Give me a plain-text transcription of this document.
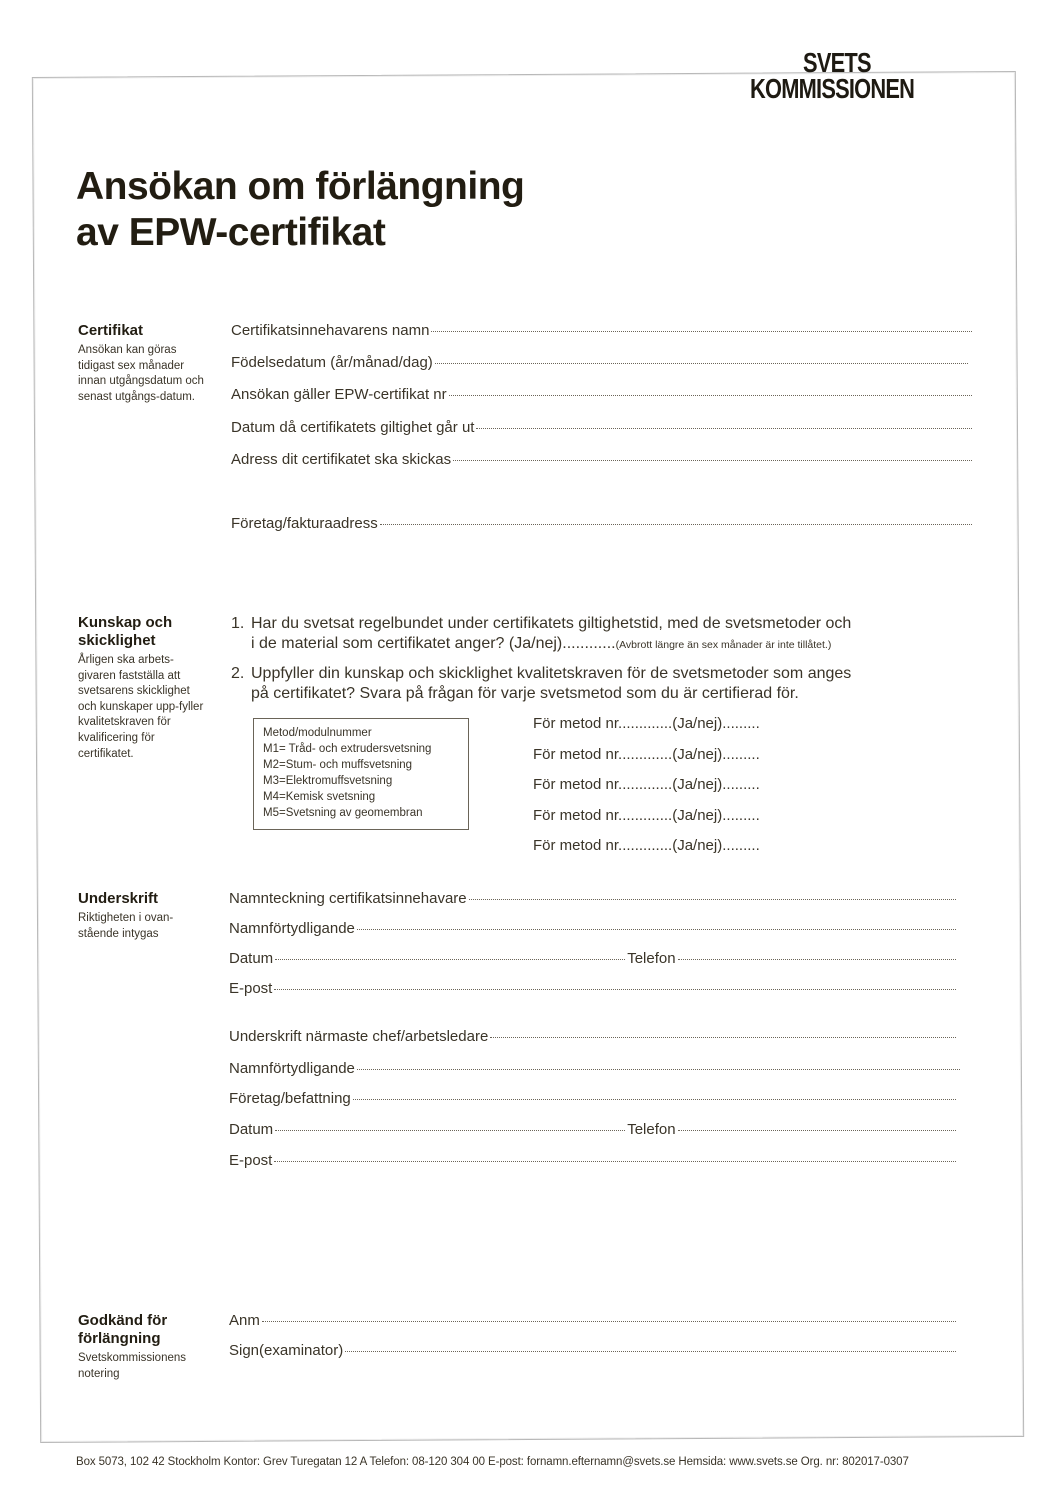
SVETS
KOMMISSIONEN
Ansökan om förlängning
av EPW-certifikat
Certifikat
Ansökan kan göras tidigast sex månader innan utgångsdatum och senast utgångs-datum.
Certifikatsinnehavarens namn
Födelsedatum (år/månad/dag)
Ansökan gäller EPW-certifikat nr
Datum då certifikatets giltighet går ut
Adress dit certifikatet ska skickas

Företag/fakturaadress

Kunskap och skicklighet
Årligen ska arbets-givaren fastställa att svetsarens skicklighet och kunskaper upp-fyller kvalitetskraven för kvalificering för certifikatet.
1. Har du svetsat regelbundet under certifikatets giltighetstid, med de svetsmetoder och
i de material som certifikatet anger? (Ja/nej)............(Avbrott längre än sex månader är inte tillåtet.)
2. Uppfyller din kunskap och skicklighet kvalitetskraven för de svetsmetoder som anges
på certifikatet? Svara på frågan för varje svetsmetod som du är certifierad för.
Metod/modulnummer
M1= Tråd- och extrudersvetsning
M2=Stum- och muffsvetsning
M3=Elektromuffsvetsning
M4=Kemisk svetsning
M5=Svetsning av geomembran
För metod nr.............(Ja/nej).........
För metod nr.............(Ja/nej).........
För metod nr.............(Ja/nej).........
För metod nr.............(Ja/nej).........
För metod nr.............(Ja/nej).........
Underskrift
Riktigheten i ovan-stående intygas
Namnteckning certifikatsinnehavare
Namnförtydligande
Datum	Telefon
E-post
Underskrift närmaste chef/arbetsledare
Namnförtydligande
Företag/befattning
Datum	Telefon
E-post
Godkänd för förlängning
Svetskommissionens notering
Anm
Sign(examinator)
Box 5073, 102 42 Stockholm Kontor: Grev Turegatan 12 A Telefon: 08-120 304 00 E-post: fornamn.efternamn@svets.se Hemsida: www.svets.se Org. nr: 802017-0307
